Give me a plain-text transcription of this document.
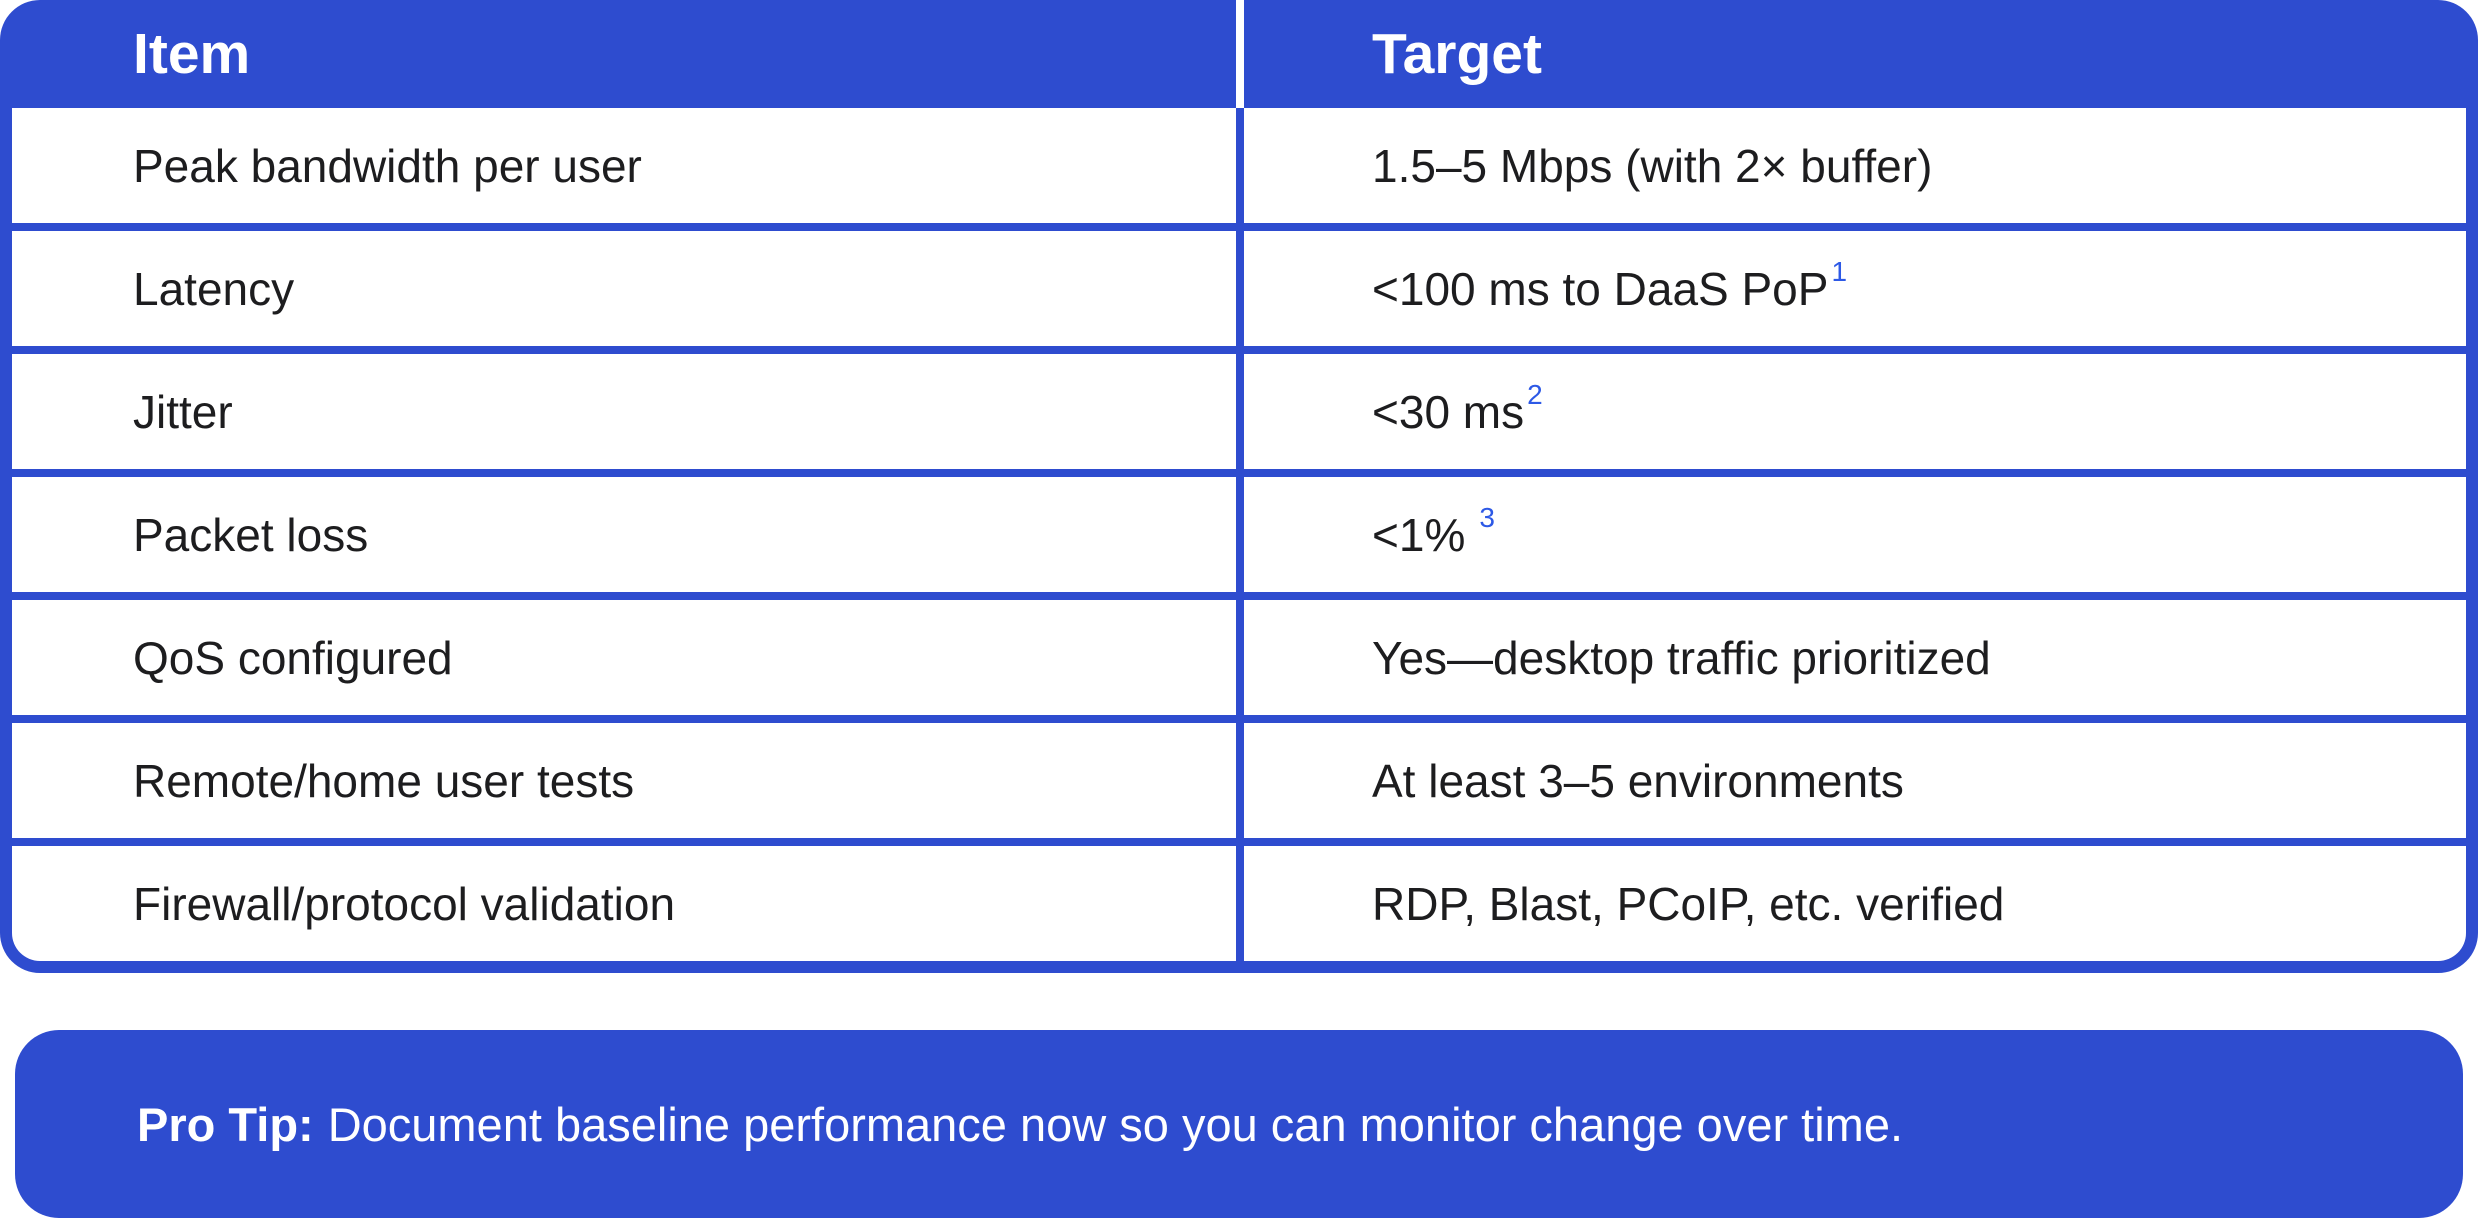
Item	Target
Peak bandwidth per user	1.5–5 Mbps (with 2× buffer)
Latency	<100 ms to DaaS PoP 1
Jitter	<30 ms 2
Packet loss	<1% 3
QoS configured	Yes—desktop traffic prioritized
Remote/home user tests	At least 3–5 environments
Firewall/protocol validation	RDP, Blast, PCoIP, etc. verified
Pro Tip: Document baseline performance now so you can monitor change over time.
